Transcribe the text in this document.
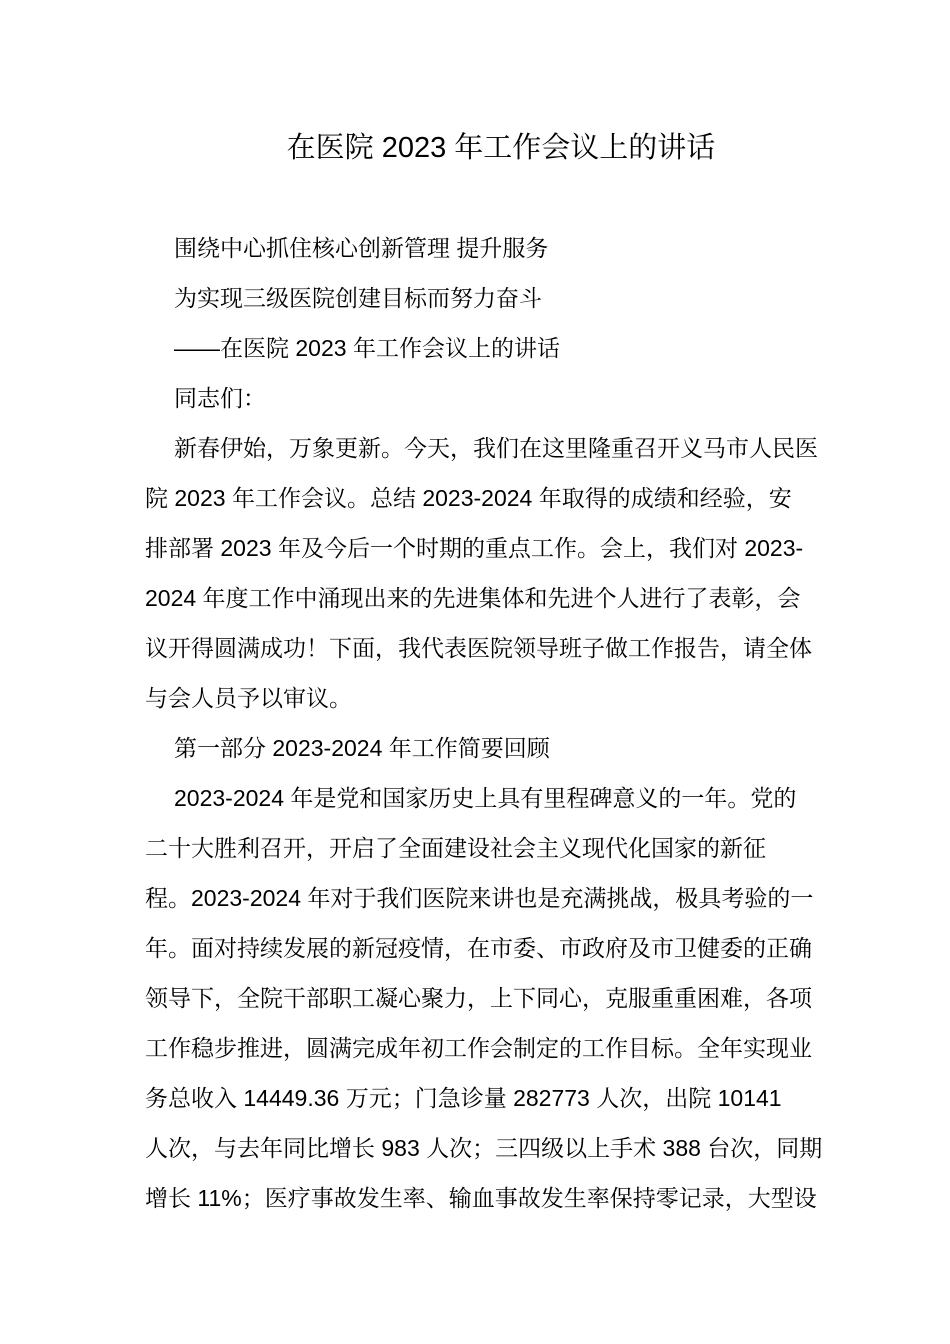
在医院 2023 年工作会议上的讲话
围绕中心抓住核心创新管理 提升服务
为实现三级医院创建目标而努力奋斗
——在医院 2023 年工作会议上的讲话
同志们：
新春伊始，万象更新。今天，我们在这里隆重召开义马市人民医
院 2023 年工作会议。总结 2023-2024 年取得的成绩和经验，安
排部署 2023 年及今后一个时期的重点工作。会上，我们对 2023-
2024 年度工作中涌现出来的先进集体和先进个人进行了表彰，会
议开得圆满成功！下面，我代表医院领导班子做工作报告，请全体
与会人员予以审议。
第一部分 2023-2024 年工作简要回顾
2023-2024 年是党和国家历史上具有里程碑意义的一年。党的
二十大胜利召开，开启了全面建设社会主义现代化国家的新征
程。2023-2024 年对于我们医院来讲也是充满挑战，极具考验的一
年。面对持续发展的新冠疫情，在市委、市政府及市卫健委的正确
领导下，全院干部职工凝心聚力，上下同心，克服重重困难，各项
工作稳步推进，圆满完成年初工作会制定的工作目标。全年实现业
务总收入 14449.36 万元；门急诊量 282773 人次，出院 10141
人次，与去年同比增长 983 人次；三四级以上手术 388 台次，同期
增长 11%；医疗事故发生率、输血事故发生率保持零记录，大型设
